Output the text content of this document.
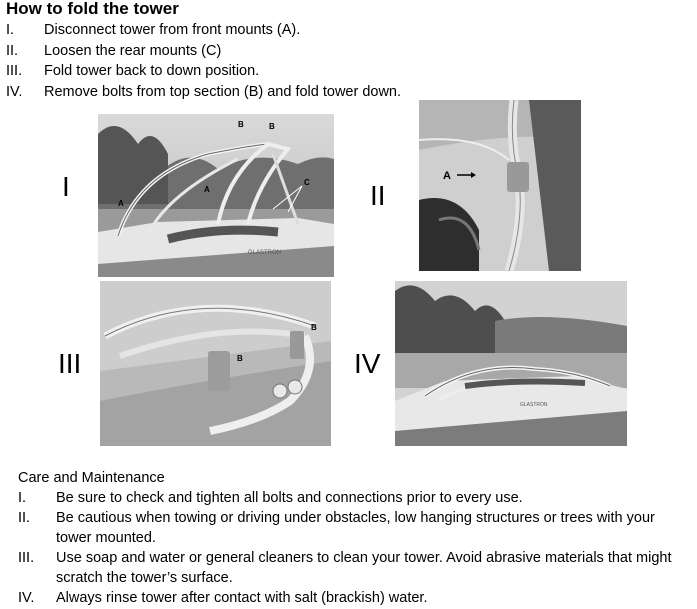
How to fold the tower
I.	Disconnect tower from front mounts (A).
II.	Loosen the rear mounts (C)
III.	Fold tower back to down position.
IV.	Remove bolts from top section (B) and fold tower down.
I
GLASTRON
B	B
A
A
C II
A
III	B
B
IV
GLASTRON
Care and Maintenance
I. Be sure to check and tighten all bolts and connections prior to every use.
II. Be cautious when towing or driving under obstacles, low hanging structures or trees with your tower mounted.
III. Use soap and water or general cleaners to clean your tower. Avoid abrasive materials that might scratch the tower’s surface.
IV. Always rinse tower after contact with salt (brackish) water.
